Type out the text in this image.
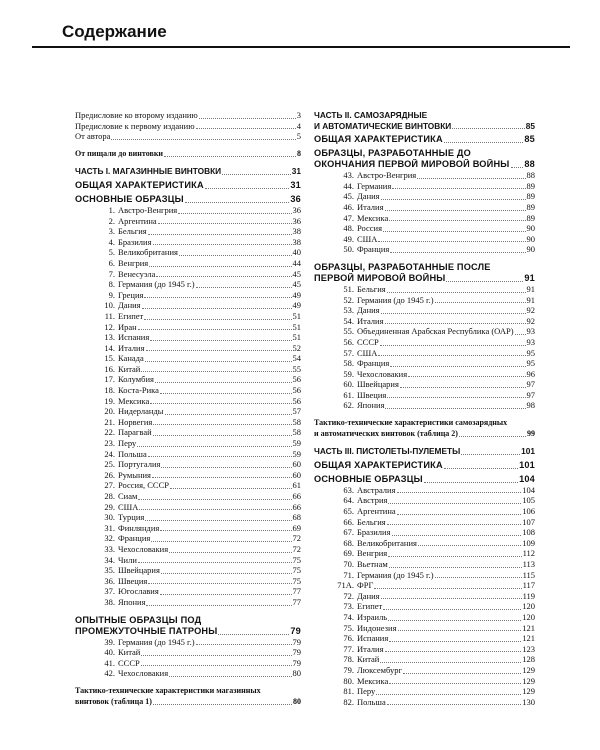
Содержание
Предисловие ко второму изданию	3
Предисловие к первому изданию	4
От автора	5
От пищали до винтовки	8
ЧАСТЬ I. МАГАЗИННЫЕ ВИНТОВКИ	31
ОБЩАЯ ХАРАКТЕРИСТИКА	31
ОСНОВНЫЕ ОБРАЗЦЫ	36
1. Австро-Венгрия	36
2. Аргентина	36
3. Бельгия	38
4. Бразилия	38
5. Великобритания	40
6. Венгрия	44
7. Венесуэла	45
8. Германия (до 1945 г.)	45
9. Греция	49
10. Дания	49
11. Египет	51
12. Иран	51
13. Испания	51
14. Италия	52
15. Канада	54
16. Китай	55
17. Колумбия	56
18. Коста-Рика	56
19. Мексика	56
20. Нидерланды	57
21. Норвегия	58
22. Парагвай	58
23. Перу	59
24. Польша	59
25. Португалия	60
26. Румыния	60
27. Россия, СССР	61
28. Сиам	66
29. США	66
30. Турция	68
31. Финляндия	69
32. Франция	72
33. Чехословакия	72
34. Чили	75
35. Швейцария	75
36. Швеция	75
37. Югославия	77
38. Япония	77
ОПЫТНЫЕ ОБРАЗЦЫ ПОД
ПРОМЕЖУТОЧНЫЕ ПАТРОНЫ	79
39. Германия (до 1945 г.)	79
40. Китай	79
41. СССР	79
42. Чехословакия	80
Тактико-технические характеристики магазинных
винтовок (таблица 1)	80
ЧАСТЬ II. САМОЗАРЯДНЫЕ
И АВТОМАТИЧЕСКИЕ ВИНТОВКИ	85
ОБЩАЯ ХАРАКТЕРИСТИКА	85
ОБРАЗЦЫ, РАЗРАБОТАННЫЕ ДО
ОКОНЧАНИЯ ПЕРВОЙ МИРОВОЙ ВОЙНЫ 88
43. Австро-Венгрия	88
44. Германия	89
45. Дания	89
46. Италия	89
47. Мексика	89
48. Россия	90
49. США	90
50. Франция	90
ОБРАЗЦЫ, РАЗРАБОТАННЫЕ ПОСЛЕ
ПЕРВОЙ МИРОВОЙ ВОЙНЫ	91
51. Бельгия	91
52. Германия (до 1945 г.)	91
53. Дания	92
54. Италия	92
55. Объединенная Арабская Республика (ОАР) 93
56. СССР	93
57. США	95
58. Франция	95
59. Чехословакия	96
60. Швейцария	97
61. Швеция	97
62. Япония	98
Тактико-технические характеристики самозарядных
и автоматических винтовок (таблица 2)	99
ЧАСТЬ III. ПИСТОЛЕТЫ-ПУЛЕМЕТЫ	101
ОБЩАЯ ХАРАКТЕРИСТИКА	101
ОСНОВНЫЕ ОБРАЗЦЫ	104
63. Австралия	104
64. Австрия	105
65. Аргентина	106
66. Бельгия	107
67. Бразилия	108
68. Великобритания	109
69. Венгрия	112
70. Вьетнам	113
71. Германия (до 1945 г.)	115
71А. ФРГ	117
72. Дания	119
73. Египет	120
74. Израиль	120
75. Индонезия	121
76. Испания	121
77. Италия	123
78. Китай	128
79. Люксембург	129
80. Мексика	129
81. Перу	129
82. Польша	130
